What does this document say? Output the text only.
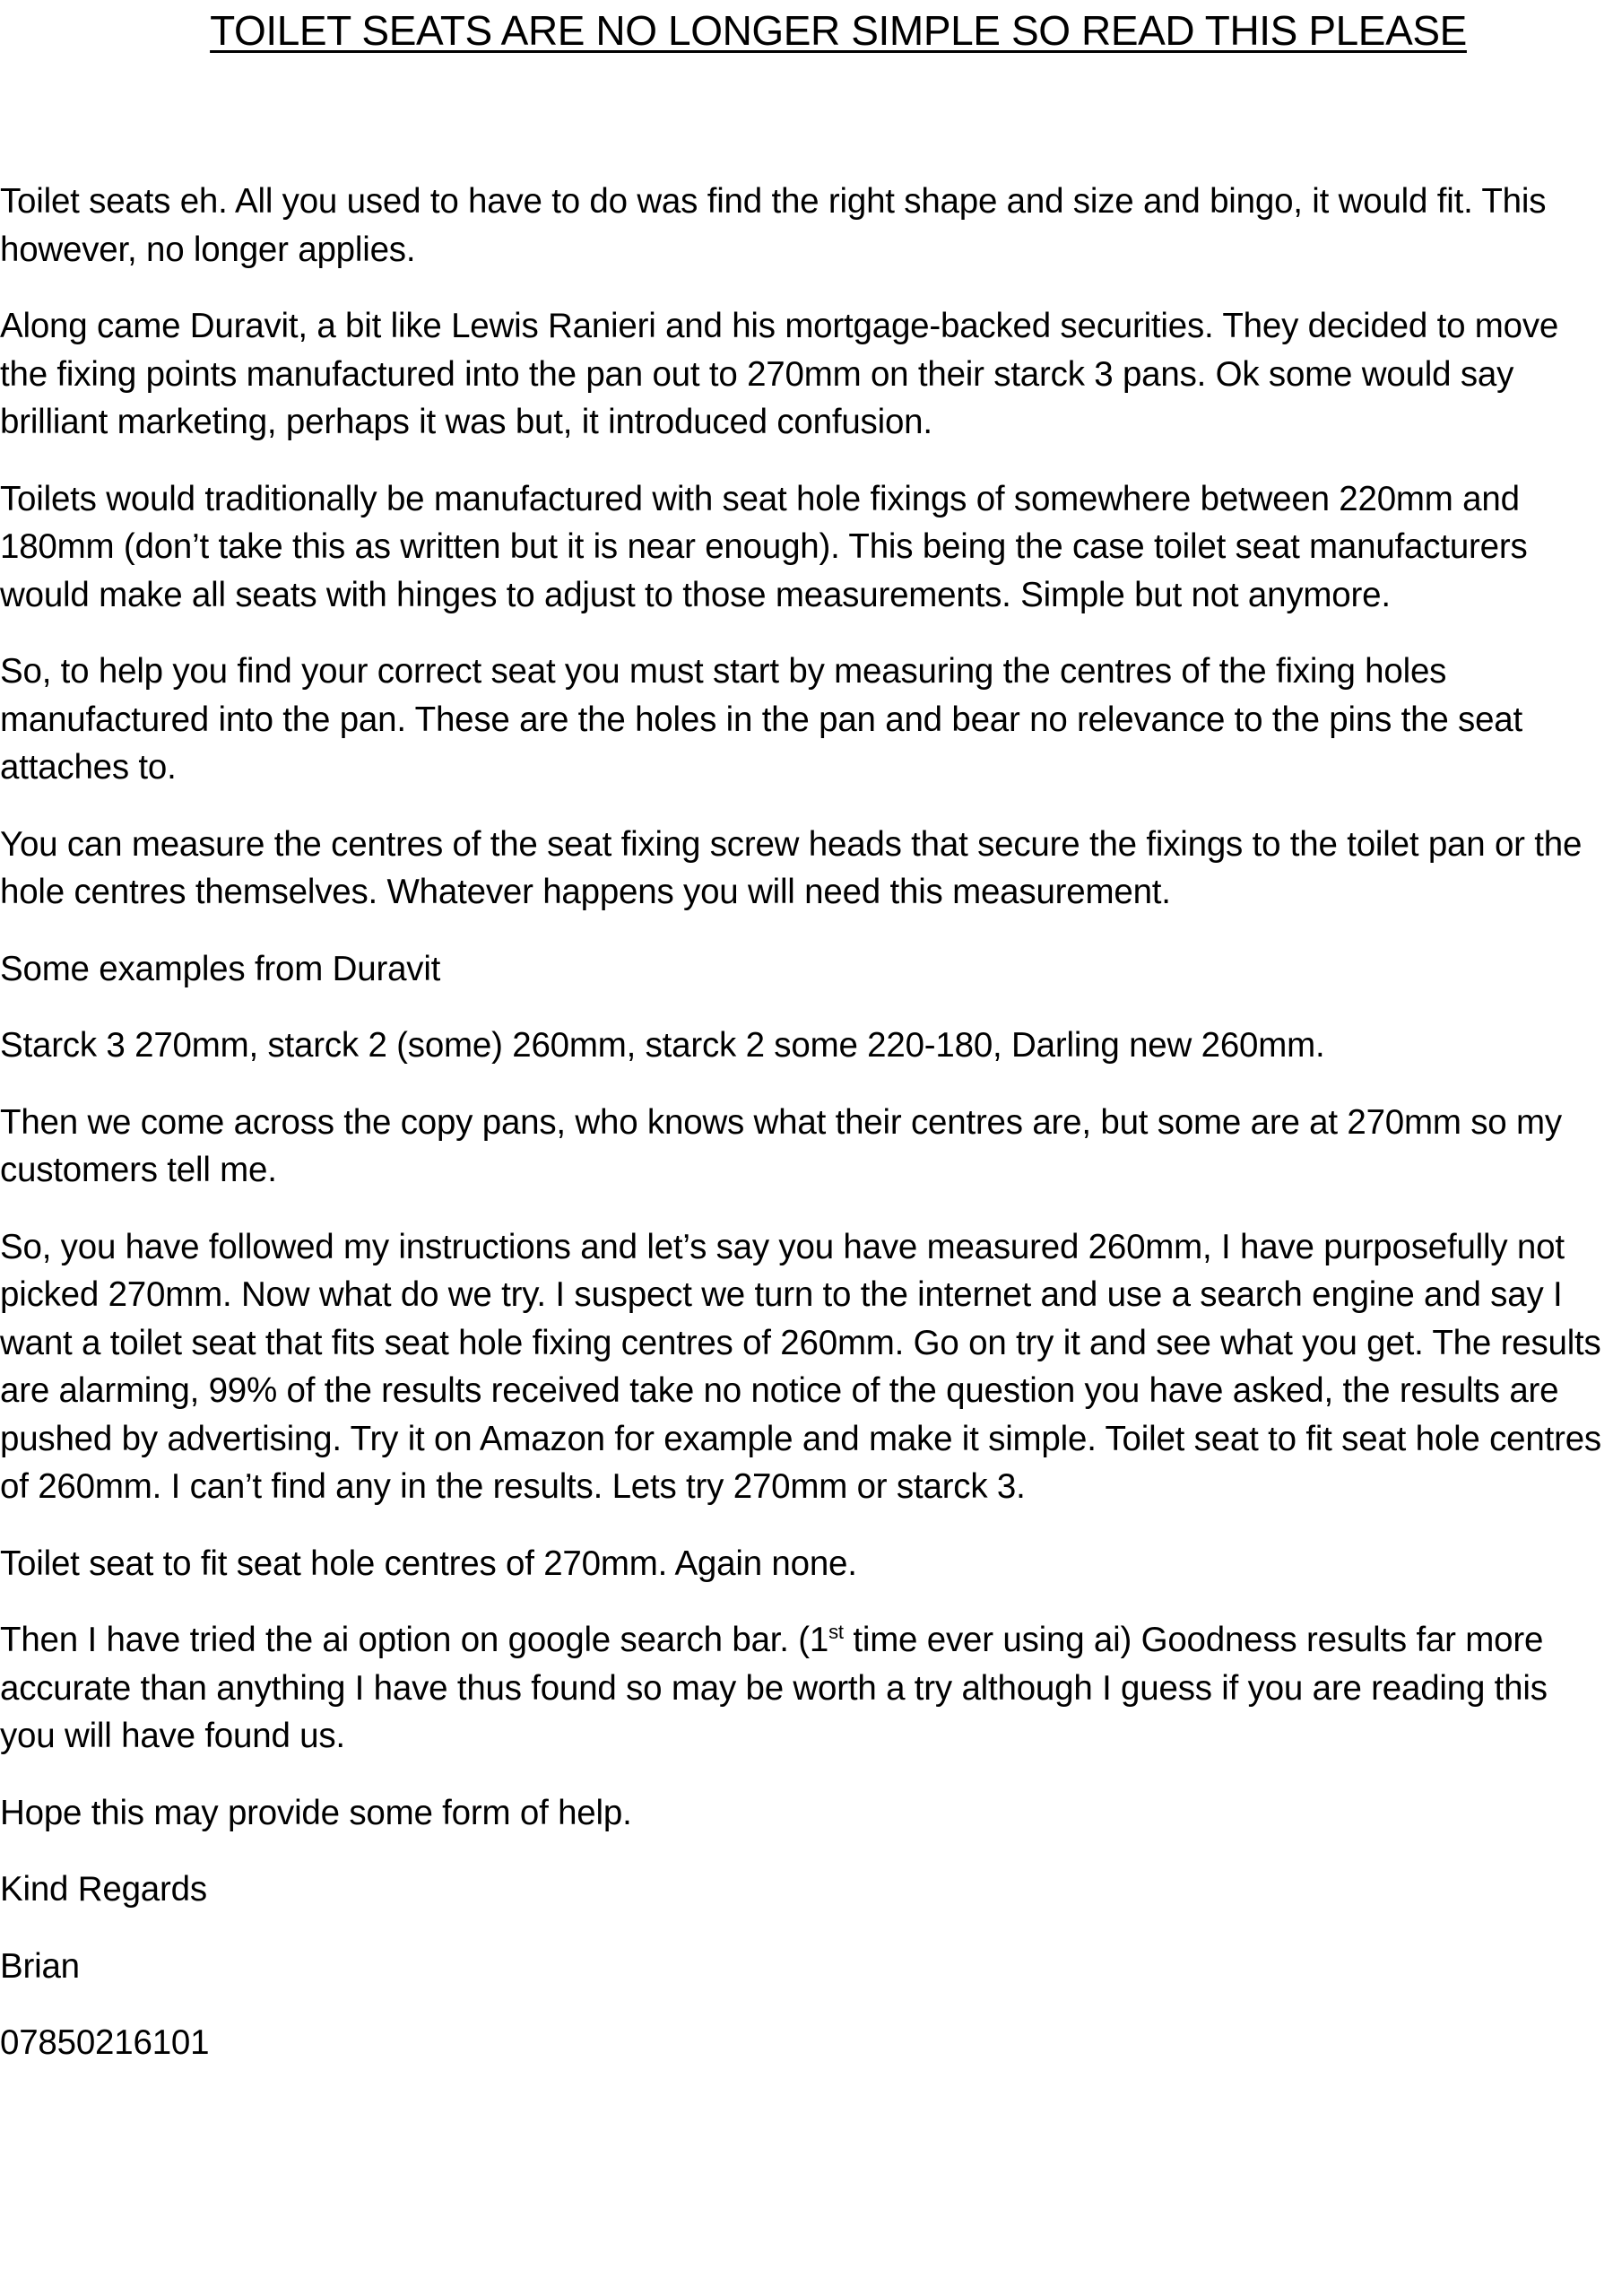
TOILET SEATS ARE NO LONGER SIMPLE SO READ THIS PLEASE

Toilet seats eh. All you used to have to do was find the right shape and size and bingo, it would fit. This however, no longer applies.

Along came Duravit, a bit like Lewis Ranieri and his mortgage-backed securities. They decided to move the fixing points manufactured into the pan out to 270mm on their starck 3 pans. Ok some would say brilliant marketing, perhaps it was but, it introduced confusion.

Toilets would traditionally be manufactured with seat hole fixings of somewhere between 220mm and 180mm (don’t take this as written but it is near enough). This being the case toilet seat manufacturers would make all seats with hinges to adjust to those measurements. Simple but not anymore.

So, to help you find your correct seat you must start by measuring the centres of the fixing holes manufactured into the pan. These are the holes in the pan and bear no relevance to the pins the seat attaches to.

You can measure the centres of the seat fixing screw heads that secure the fixings to the toilet pan or the hole centres themselves. Whatever happens you will need this measurement.

Some examples from Duravit

Starck 3 270mm, starck 2 (some) 260mm, starck 2 some 220-180, Darling new 260mm.

Then we come across the copy pans, who knows what their centres are, but some are at 270mm so my customers tell me.

So, you have followed my instructions and let’s say you have measured 260mm, I have purposefully not picked 270mm. Now what do we try. I suspect we turn to the internet and use a search engine and say I want a toilet seat that fits seat hole fixing centres of 260mm. Go on try it and see what you get. The results are alarming, 99% of the results received take no notice of the question you have asked, the results are pushed by advertising. Try it on Amazon for example and make it simple. Toilet seat to fit seat hole centres of 260mm. I can’t find any in the results. Lets try 270mm or starck 3.

Toilet seat to fit seat hole centres of 270mm. Again none.

Then I have tried the ai option on google search bar. (1st time ever using ai) Goodness results far more accurate than anything I have thus found so may be worth a try although I guess if you are reading this you will have found us.

Hope this may provide some form of help.

Kind Regards

Brian

07850216101
